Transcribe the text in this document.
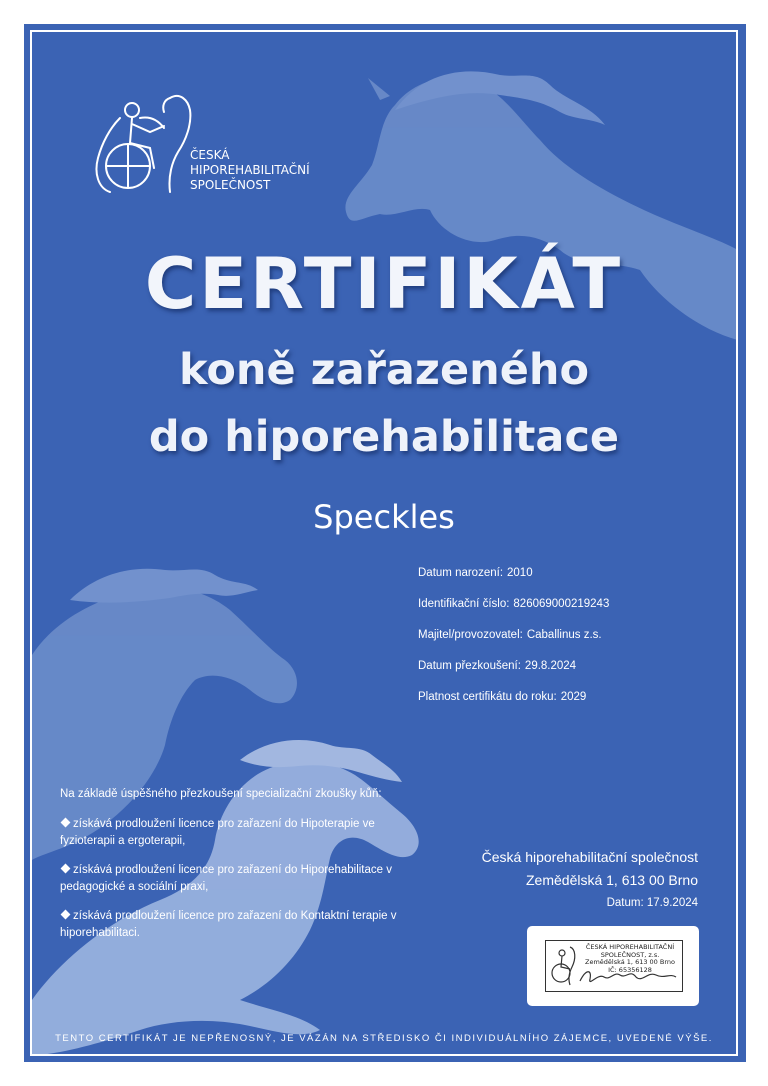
ČESKÁ
HIPOREHABILITAČNÍ
SPOLEČNOST
CERTIFIKÁT
koně zařazeného
do hiporehabilitace
Speckles
Datum narození: 2010
Identifikační číslo: 826069000219243
Majitel/provozovatel: Caballinus z.s.
Datum přezkoušení: 29.8.2024
Platnost certifikátu do roku: 2029
Na základě úspěšného přezkoušení specializační zkoušky kůň:
získává prodloužení licence pro zařazení do Hipoterapie ve fyzioterapii a ergoterapii,
získává prodloužení licence pro zařazení do Hiporehabilitace v pedagogické a sociální praxi,
získává prodloužení licence pro zařazení do Kontaktní terapie v hiporehabilitaci.
Česká hiporehabilitační společnost
Zemědělská 1, 613 00 Brno
Datum: 17.9.2024
ČESKÁ HIPOREHABILITAČNÍ
SPOLEČNOST, z.s.
Zemědělská 1, 613 00 Brno
IČ: 65356128
TENTO CERTIFIKÁT JE NEPŘENOSNÝ, JE VÁZÁN NA STŘEDISKO ČI INDIVIDUÁLNÍHO ZÁJEMCE, UVEDENÉ VÝŠE.
